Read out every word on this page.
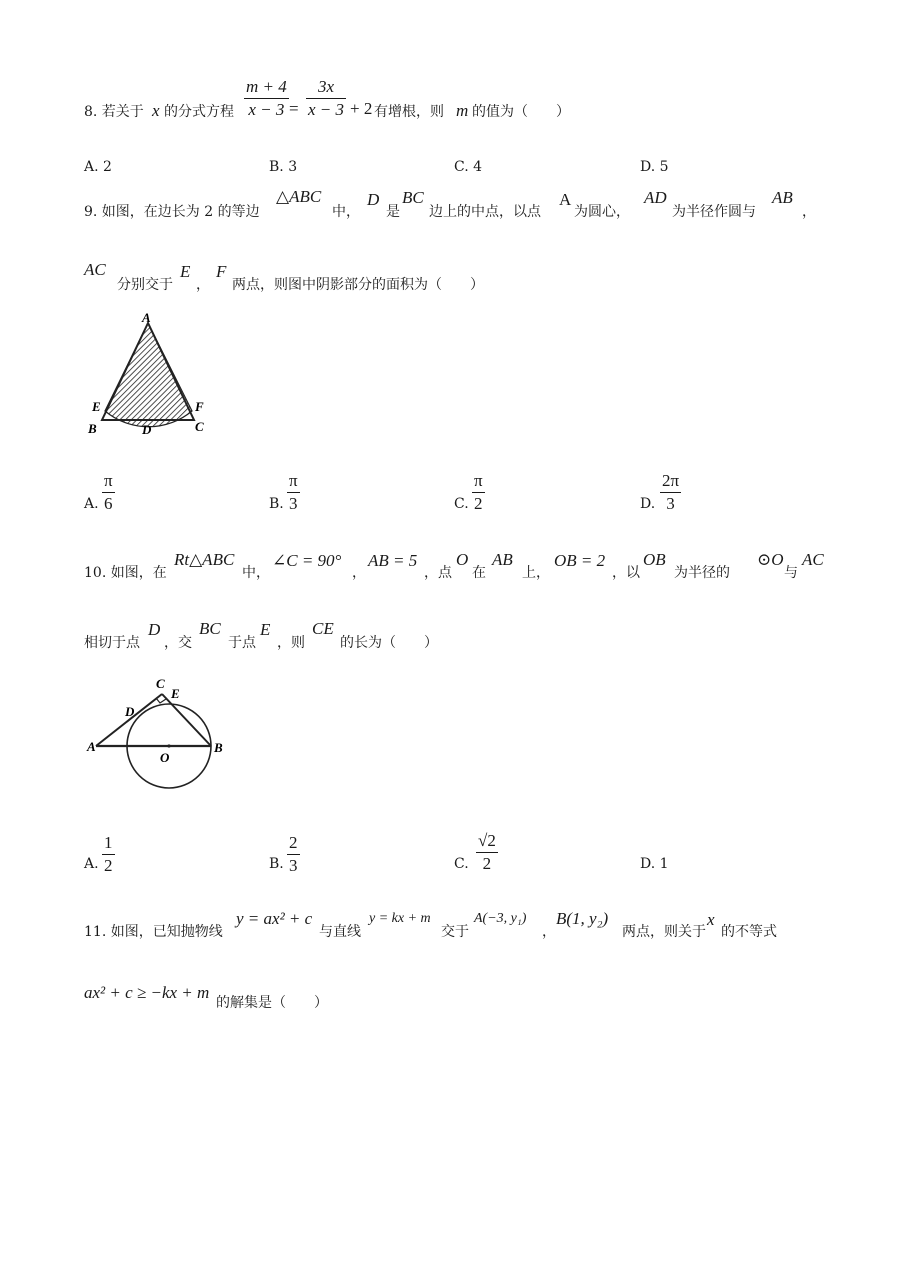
8. 若关于 x 的分式方程 $\frac{m + 4}{x - 3} = \frac{3x}{x - 3} + 2$ 有增根，则 m 的值为（　　）
A. 2	B. 3	C. 4	D. 5
9. 如图，在边长为 2 的等边
△ABC
中，
D
是
BC
边上的中点，以点
A
为圆心，
AD
为半径作圆与
AB
，
AC
分别交于
E
，
F
两点，则图中阴影部分的面积为（　　）
A
E	F
B	D	C
A. $\frac{\pi}{6}$	B. $\frac{\pi}{3}$	C. $\frac{\pi}{2}$	D. $\frac{2\pi}{3}$
10. 如图，在
Rt△ABC
中，
∠C = 90°
，
AB = 5
，点
O
在
AB
上，
OB = 2
，以
OB
为半径的
⊙O
与
AC
相切于点
D
，交
BC
于点
E
，则
CE
的长为（　　）
C
E
D
A
O
B
A. $\frac{1}{2}$	B. $\frac{2}{3}$	C. $\frac{√2}{2}$	D. 1
11. 如图，已知抛物线
y = ax² + c
与直线
y = kx + m
交于
A(−3, y₁)
，
B(1, y₂)
两点，则关于
x
的不等式
ax² + c ≥ −kx + m
的解集是（　　）
